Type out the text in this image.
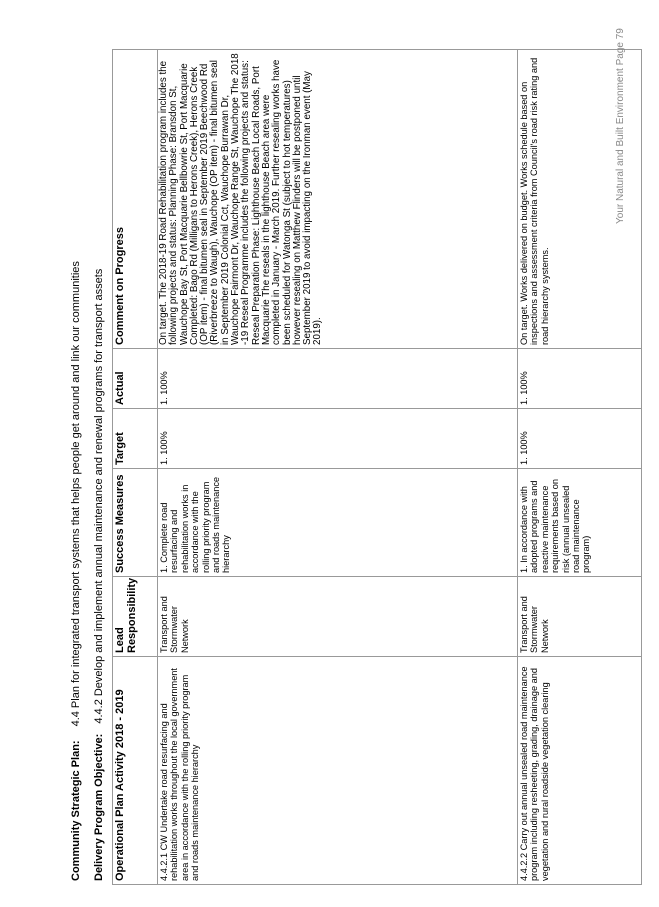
Community Strategic Plan:4.4 Plan for integrated transport systems that helps people get around and link our communities
Delivery Program Objective:4.4.2 Develop and implement annual maintenance and renewal programs for transport assets
Operational Plan Activity 2018 - 2019	Lead Responsibility	Success Measures	Target	Actual	Comment on Progress
4.4.2.1 CW Undertake road resurfacing and rehabilitation works throughout the local government area in accordance with the rolling priority program and roads maintenance hierarchy	Transport and Stormwater Network	1. Complete road resurfacing and rehabilitation works in accordance with the rolling priority program and roads maintenance hierarchy	1. 100%	1. 100%	On target. The 2018-19 Road Rehabilitation program includes the following projects and status: Planning Phase: Bransdon St, Wauchope Bay St, Port Macquarie Bellbowrie St, Port Macquarie Completed: Bago Rd (Milligans to Herons Creek), Herons Creek (OP item) - final bitumen seal in September 2019 Beechwood Rd (Riverbreeze to Waugh), Wauchope (OP item) - final bitumen seal in September 2019 Colonial Cct, Wauchope Burrawan Dr, Wauchope Fairmont Dr, Wauchope Range St, Wauchope The 2018 -19 Reseal Programme includes the following projects and status: Reseal Preparation Phase: Lighthouse Beach Local Roads, Port Macquarie The reseals in the lighthouse Beach area were completed in January - March 2019. Further resealing works have been scheduled for Watonga St (subject to hot temperatures) however resealing on Matthew Flinders will be postponed until September 2019 to avoid impacting on the Ironman event (May 2019).
4.4.2.2 Carry out annual unsealed road maintenance program including resheeting, grading, drainage and vegetation and rural roadside vegetation clearing	Transport and Stormwater Network	1. In accordance with adopted programs and reactive maintenance requirements based on risk (annual unsealed road maintenance program)	1. 100%	1. 100%	On target. Works delivered on budget. Works schedule based on inspections and assessment criteria from Council's road risk rating and road hierarchy systems.
Your Natural and Built Environment Page 79
